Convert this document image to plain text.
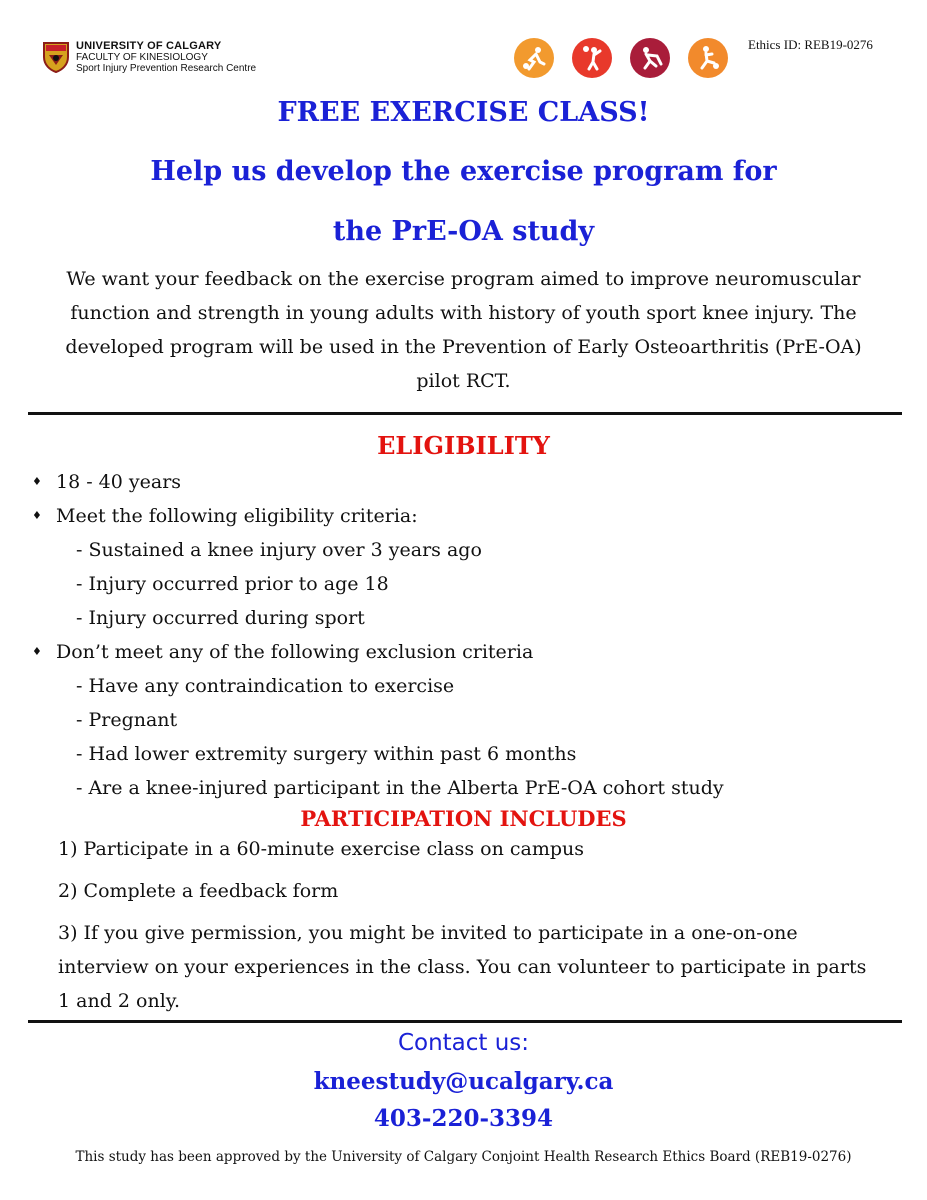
UNIVERSITY OF CALGARY
FACULTY OF KINESIOLOGY
Sport Injury Prevention Research Centre
Ethics ID: REB19-0276
FREE EXERCISE CLASS!
Help us develop the exercise program for
the PrE-OA study
We want your feedback on the exercise program aimed to improve neuromuscular
function and strength in young adults with history of youth sport knee injury. The
developed program will be used in the Prevention of Early Osteoarthritis (PrE-OA)
pilot RCT.
ELIGIBILITY
♦ 18 - 40 years
♦ Meet the following eligibility criteria:
- Sustained a knee injury over 3 years ago
- Injury occurred prior to age 18
- Injury occurred during sport
♦ Don’t meet any of the following exclusion criteria
- Have any contraindication to exercise
- Pregnant
- Had lower extremity surgery within past 6 months
- Are a knee-injured participant in the Alberta PrE-OA cohort study
PARTICIPATION INCLUDES
1) Participate in a 60-minute exercise class on campus
2) Complete a feedback form
3) If you give permission, you might be invited to participate in a one-on-one interview on your experiences in the class. You can volunteer to participate in parts 1 and 2 only.
Contact us:
kneestudy@ucalgary.ca
403-220-3394
This study has been approved by the University of Calgary Conjoint Health Research Ethics Board (REB19-0276)
